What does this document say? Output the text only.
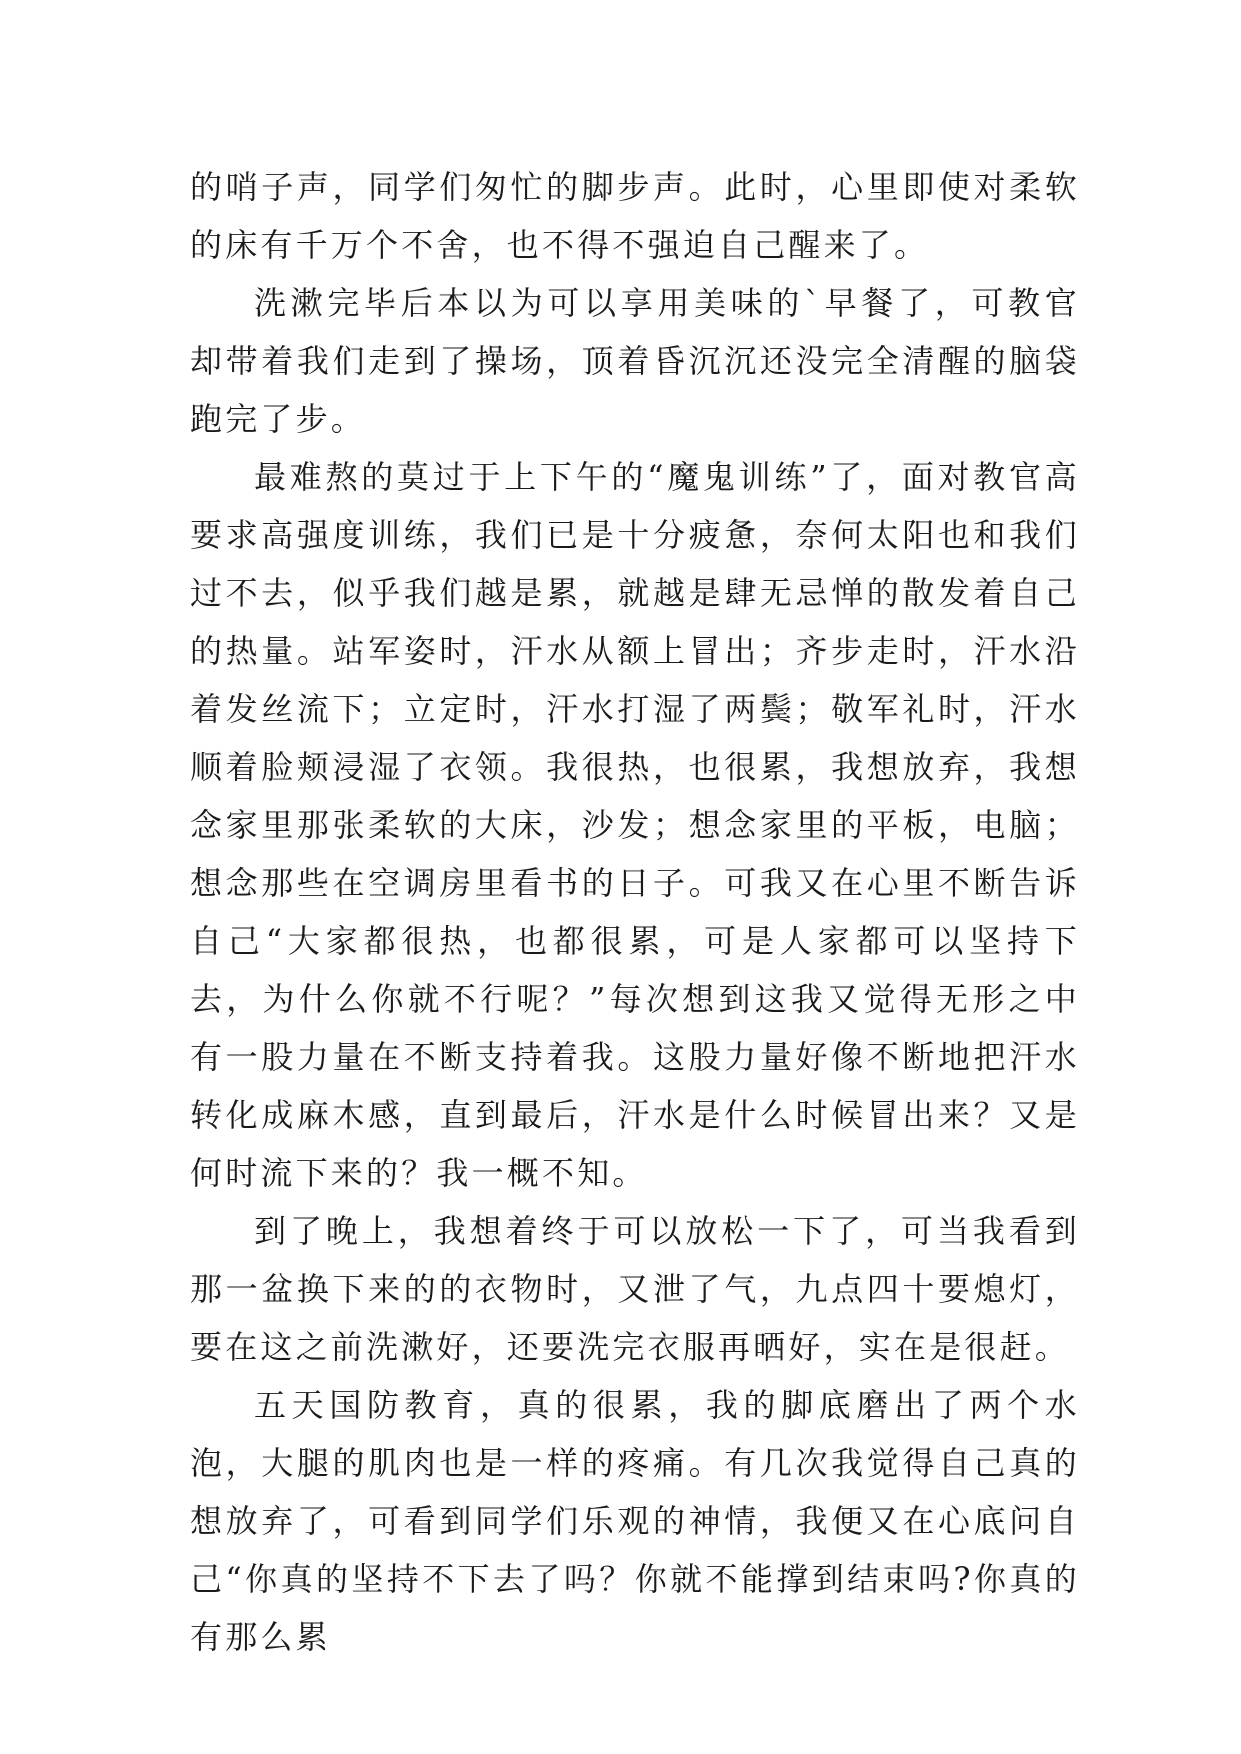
的哨子声，同学们匆忙的脚步声。此时，心里即使对柔软的床有千万个不舍，也不得不强迫自己醒来了。

洗漱完毕后本以为可以享用美味的`早餐了，可教官却带着我们走到了操场，顶着昏沉沉还没完全清醒的脑袋跑完了步。

最难熬的莫过于上下午的“魔鬼训练”了，面对教官高要求高强度训练，我们已是十分疲惫，奈何太阳也和我们过不去，似乎我们越是累，就越是肆无忌惮的散发着自己的热量。站军姿时，汗水从额上冒出；齐步走时，汗水沿着发丝流下；立定时，汗水打湿了两鬓；敬军礼时，汗水顺着脸颊浸湿了衣领。我很热，也很累，我想放弃，我想念家里那张柔软的大床，沙发；想念家里的平板，电脑；想念那些在空调房里看书的日子。可我又在心里不断告诉自己“大家都很热，也都很累，可是人家都可以坚持下去，为什么你就不行呢？”每次想到这我又觉得无形之中有一股力量在不断支持着我。这股力量好像不断地把汗水转化成麻木感，直到最后，汗水是什么时候冒出来？又是何时流下来的？我一概不知。

到了晚上，我想着终于可以放松一下了，可当我看到那一盆换下来的的衣物时，又泄了气，九点四十要熄灯，要在这之前洗漱好，还要洗完衣服再晒好，实在是很赶。

五天国防教育，真的很累，我的脚底磨出了两个水泡，大腿的肌肉也是一样的疼痛。有几次我觉得自己真的想放弃了，可看到同学们乐观的神情，我便又在心底问自己“你真的坚持不下去了吗？你就不能撑到结束吗?你真的有那么累
